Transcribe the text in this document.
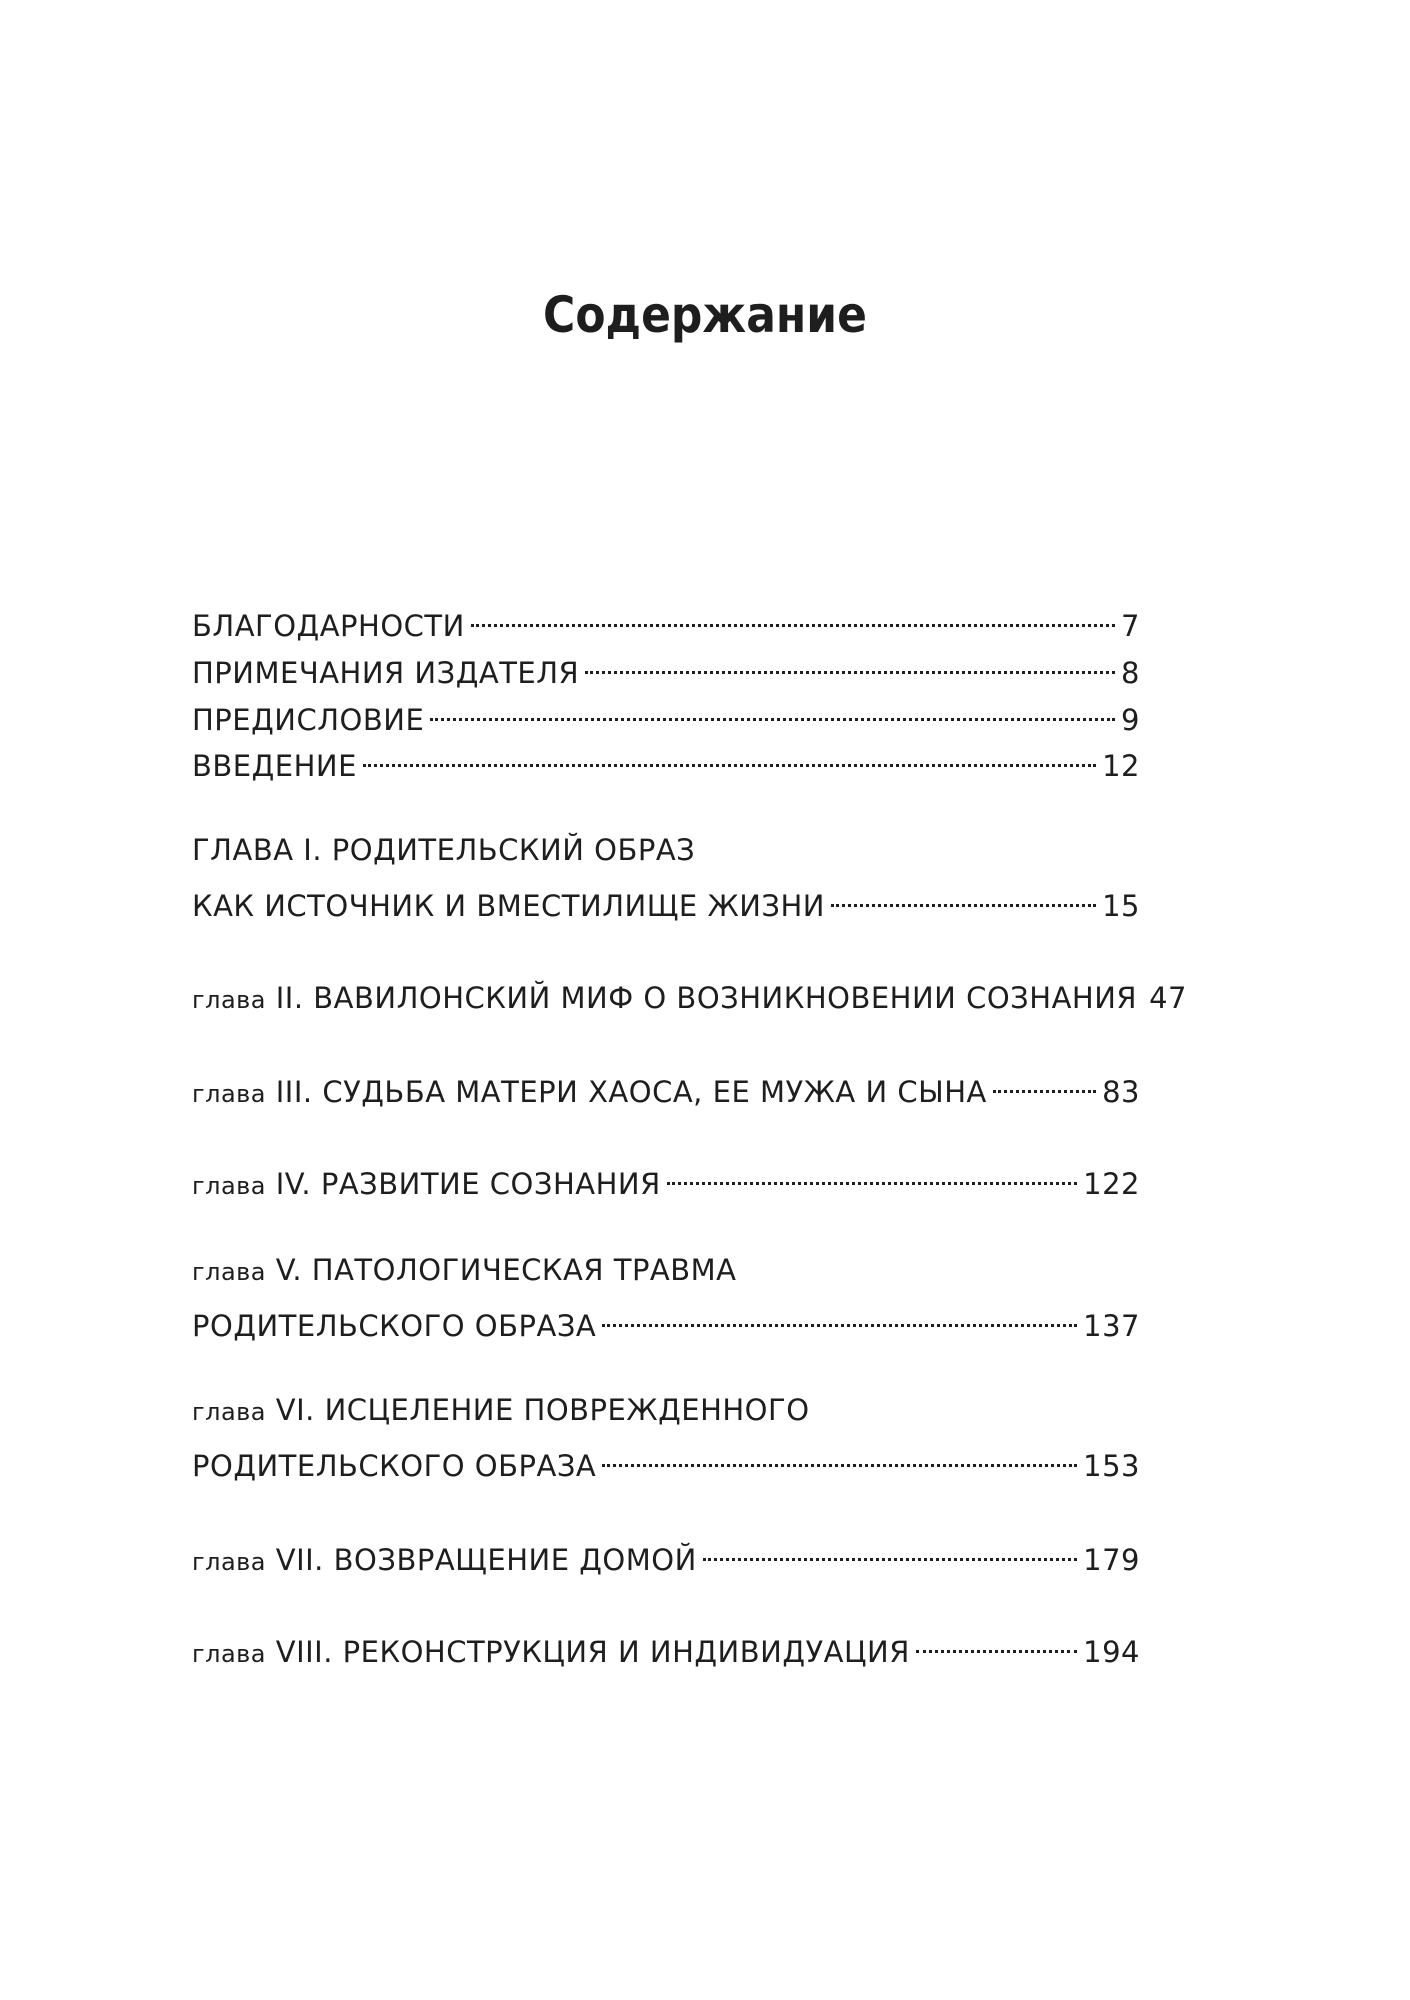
Содержание
БЛАГОДАРНОСТИ	7
ПРИМЕЧАНИЯ ИЗДАТЕЛЯ	8
ПРЕДИСЛОВИЕ	9
ВВЕДЕНИЕ	12
ГЛАВА I. РОДИТЕЛЬСКИЙ ОБРАЗ
КАК ИСТОЧНИК И ВМЕСТИЛИЩЕ ЖИЗНИ	15
глава II. ВАВИЛОНСКИЙ МИФ О ВОЗНИКНОВЕНИИ СОЗНАНИЯ 47
глава III. СУДЬБА МАТЕРИ ХАОСА, ЕЕ МУЖА И СЫНА	83
глава IV. РАЗВИТИЕ СОЗНАНИЯ	122
глава V. ПАТОЛОГИЧЕСКАЯ ТРАВМА
РОДИТЕЛЬСКОГО ОБРАЗА	137
глава VI. ИСЦЕЛЕНИЕ ПОВРЕЖДЕННОГО
РОДИТЕЛЬСКОГО ОБРАЗА	153
глава VII. ВОЗВРАЩЕНИЕ ДОМОЙ	179
глава VIII. РЕКОНСТРУКЦИЯ И ИНДИВИДУАЦИЯ	194
